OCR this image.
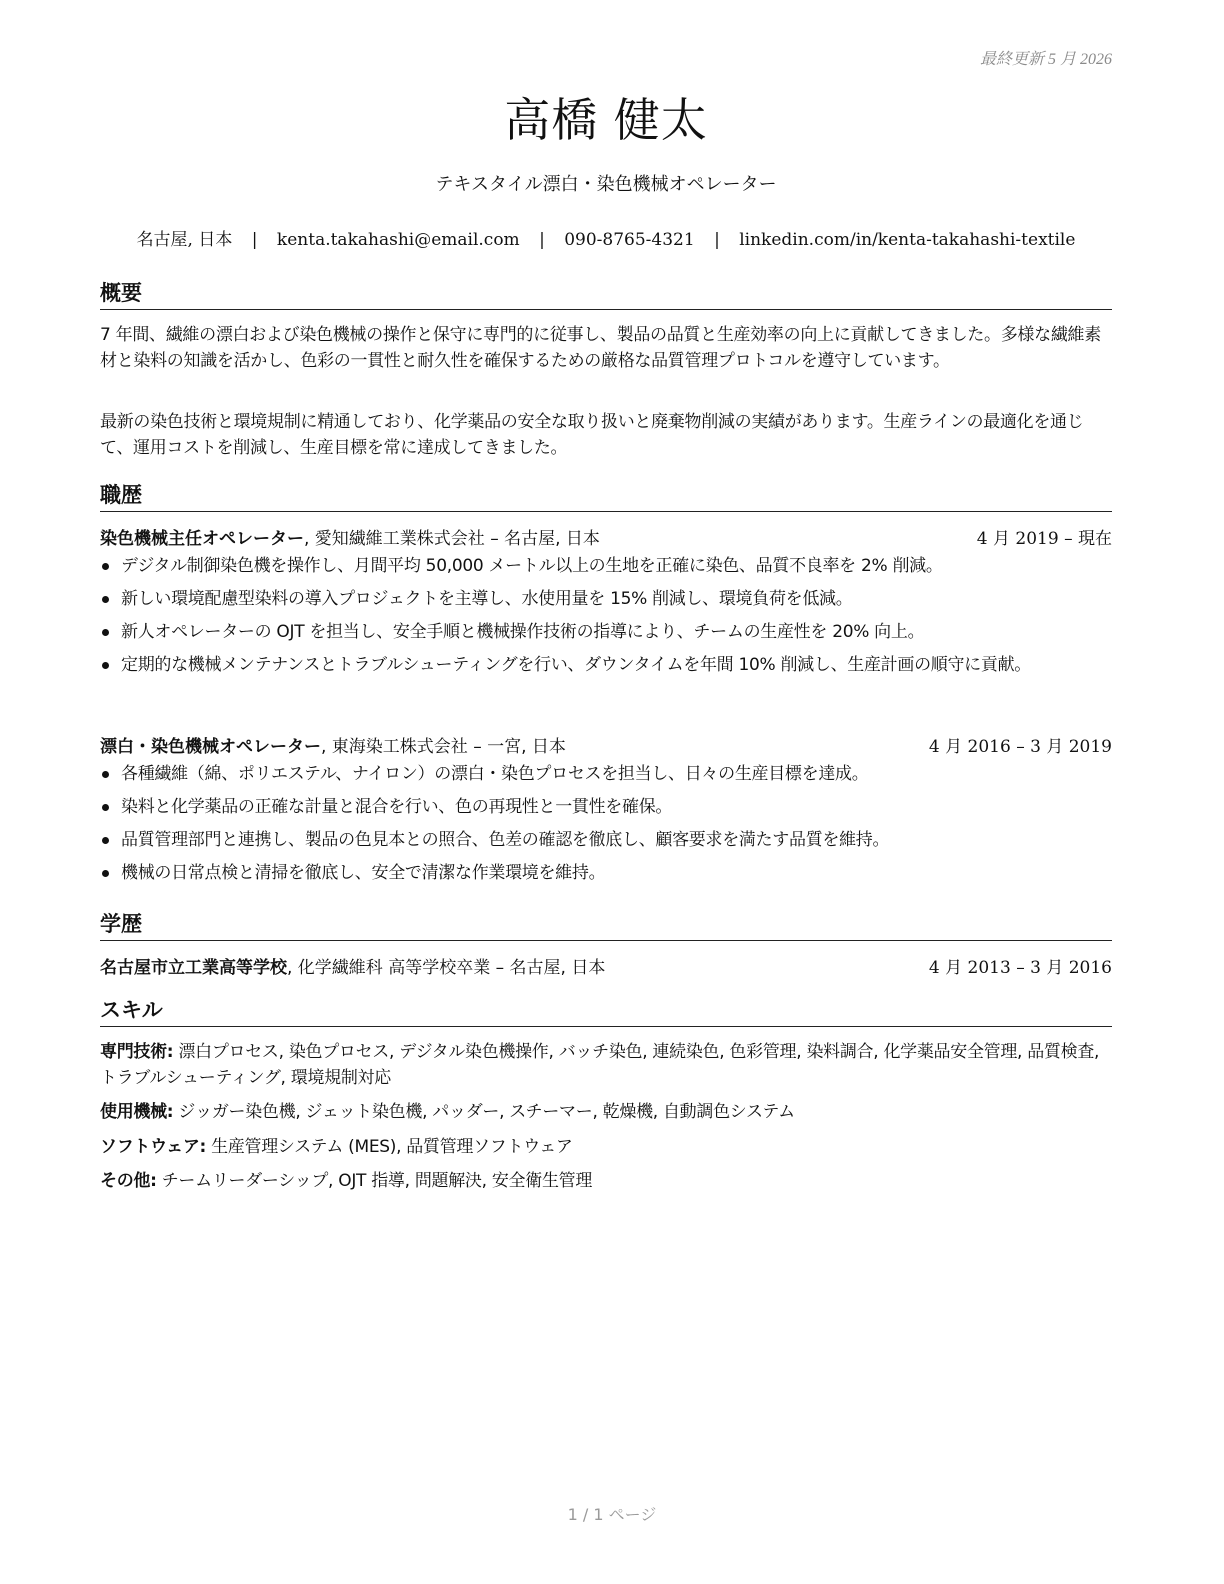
最終更新 5 月 2026
高橋 健太
テキスタイル漂白・染色機械オペレーター
名古屋, 日本 | kenta.takahashi@email.com | 090-8765-4321 | linkedin.com/in/kenta-takahashi-textile
概要
7 年間、繊維の漂白および染色機械の操作と保守に専門的に従事し、製品の品質と生産効率の向上に貢献してきました。多様な繊維素材と染料の知識を活かし、色彩の一貫性と耐久性を確保するための厳格な品質管理プロトコルを遵守しています。
最新の染色技術と環境規制に精通しており、化学薬品の安全な取り扱いと廃棄物削減の実績があります。生産ラインの最適化を通じて、運用コストを削減し、生産目標を常に達成してきました。
職歴
染色機械主任オペレーター, 愛知繊維工業株式会社 – 名古屋, 日本	4 月 2019 – 現在
デジタル制御染色機を操作し、月間平均 50,000 メートル以上の生地を正確に染色、品質不良率を 2% 削減。
新しい環境配慮型染料の導入プロジェクトを主導し、水使用量を 15% 削減し、環境負荷を低減。
新人オペレーターの OJT を担当し、安全手順と機械操作技術の指導により、チームの生産性を 20% 向上。
定期的な機械メンテナンスとトラブルシューティングを行い、ダウンタイムを年間 10% 削減し、生産計画の順守に貢献。
漂白・染色機械オペレーター, 東海染工株式会社 – 一宮, 日本	4 月 2016 – 3 月 2019
各種繊維（綿、ポリエステル、ナイロン）の漂白・染色プロセスを担当し、日々の生産目標を達成。
染料と化学薬品の正確な計量と混合を行い、色の再現性と一貫性を確保。
品質管理部門と連携し、製品の色見本との照合、色差の確認を徹底し、顧客要求を満たす品質を維持。
機械の日常点検と清掃を徹底し、安全で清潔な作業環境を維持。
学歴
名古屋市立工業高等学校, 化学繊維科 高等学校卒業 – 名古屋, 日本	4 月 2013 – 3 月 2016
スキル
専門技術: 漂白プロセス, 染色プロセス, デジタル染色機操作, バッチ染色, 連続染色, 色彩管理, 染料調合, 化学薬品安全管理, 品質検査, トラブルシューティング, 環境規制対応
使用機械: ジッガー染色機, ジェット染色機, パッダー, スチーマー, 乾燥機, 自動調色システム
ソフトウェア: 生産管理システム (MES), 品質管理ソフトウェア
その他: チームリーダーシップ, OJT 指導, 問題解決, 安全衛生管理
1 / 1 ページ
